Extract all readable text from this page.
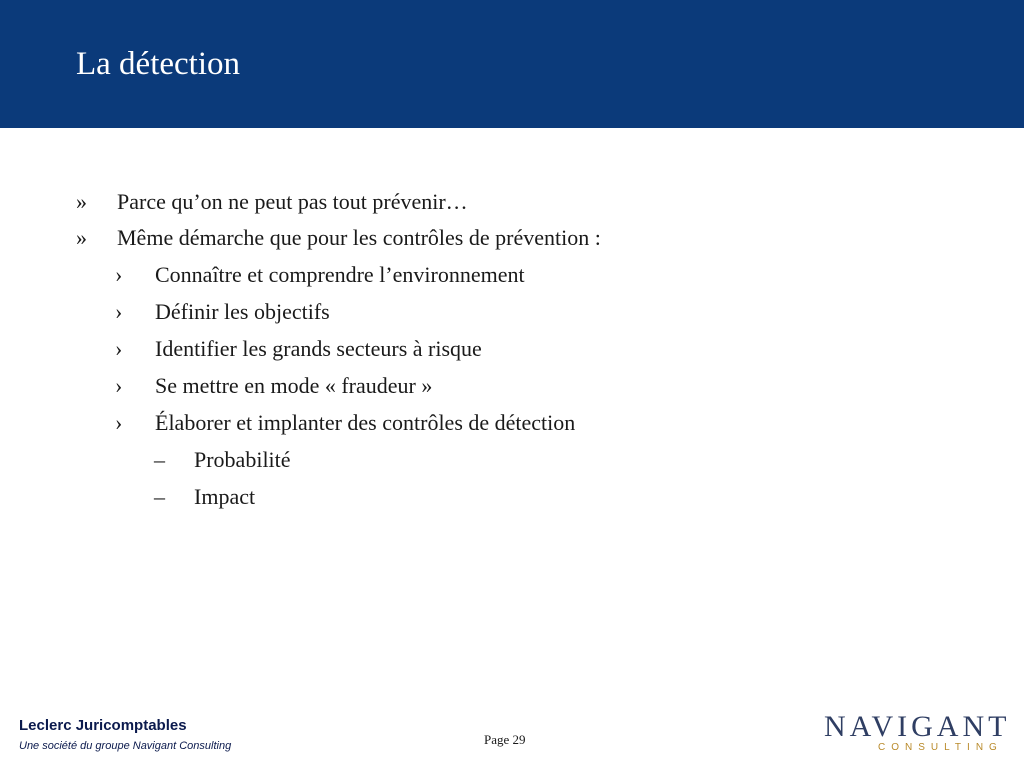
La détection
» Parce qu’on ne peut pas tout prévenir…
» Même démarche que pour les contrôles de prévention :
› Connaître et comprendre l’environnement
› Définir les objectifs
› Identifier les grands secteurs à risque
› Se mettre en mode « fraudeur »
› Élaborer et implanter des contrôles de détection
– Probabilité
– Impact
Leclerc Juricomptables
Une société du groupe Navigant Consulting	Page 29	NAVIGANT
CONSULTING
